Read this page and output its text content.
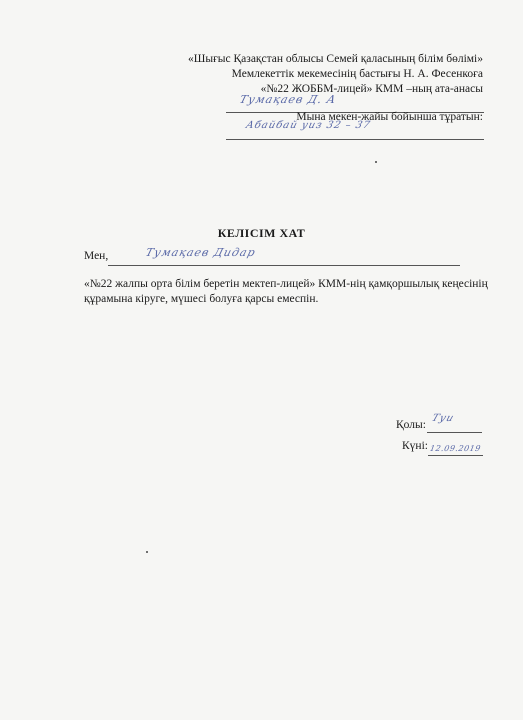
«Шығыс Қазақстан облысы Семей қаласының білім бөлімі»
Мемлекеттік мекемесінің бастығы Н. А. Фесенкоға
«№22 ЖОББМ-лицей» КММ –ның ата-анасы
Тумақаев Д. А
Мына мекен-жайы бойынша тұратын:
Абайбай уиз 32 – 37
КЕЛІСІМ ХАТ
Мен,	Тумақаев Дидар
«№22 жалпы орта білім беретін мектеп-лицей» КММ-нің қамқоршылық кеңесінің құрамына кіруге, мүшесі болуға қарсы емеспін.
Қолы:
Туи
Күні: 12.09.2019
